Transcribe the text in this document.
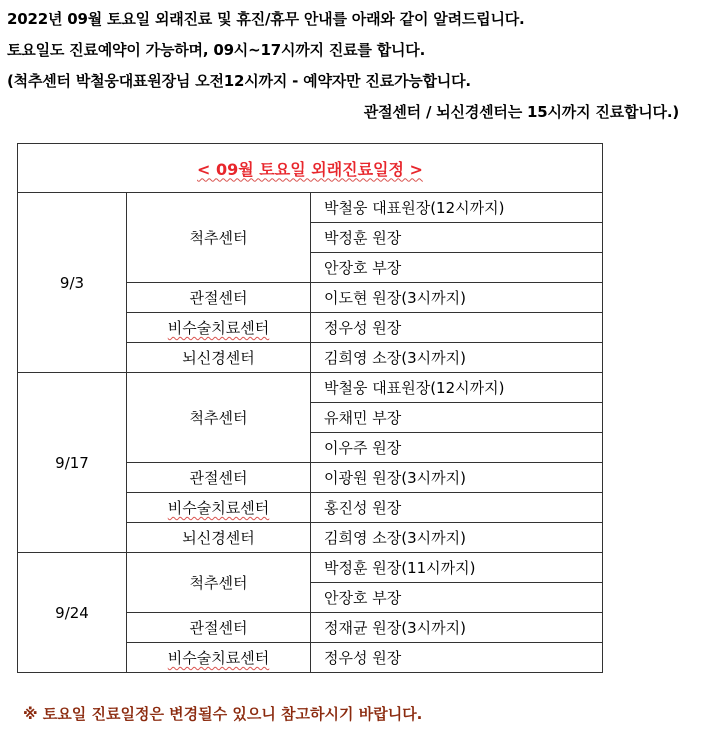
2022년 09월 토요일 외래진료 및 휴진/휴무 안내를 아래와 같이 알려드립니다.

토요일도 진료예약이 가능하며, 09시~17시까지 진료를 합니다.

(척추센터 박철웅대표원장님 오전12시까지 - 예약자만 진료가능합니다.

관절센터 / 뇌신경센터는 15시까지 진료합니다.)

< 09월 토요일 외래진료일정 >		
9/3	척추센터	박철웅 대표원장(12시까지)
		박정훈 원장
		안장호 부장
	관절센터	이도현 원장(3시까지)
	비수술치료센터	정우성 원장
	뇌신경센터	김희영 소장(3시까지)
9/17	척추센터	박철웅 대표원장(12시까지)
		유채민 부장
		이우주 원장
	관절센터	이광원 원장(3시까지)
	비수술치료센터	홍진성 원장
	뇌신경센터	김희영 소장(3시까지)
9/24	척추센터	박정훈 원장(11시까지)
		안장호 부장
	관절센터	정재균 원장(3시까지)
	비수술치료센터	정우성 원장
※ 토요일 진료일정은 변경될수 있으니 참고하시기 바랍니다.
